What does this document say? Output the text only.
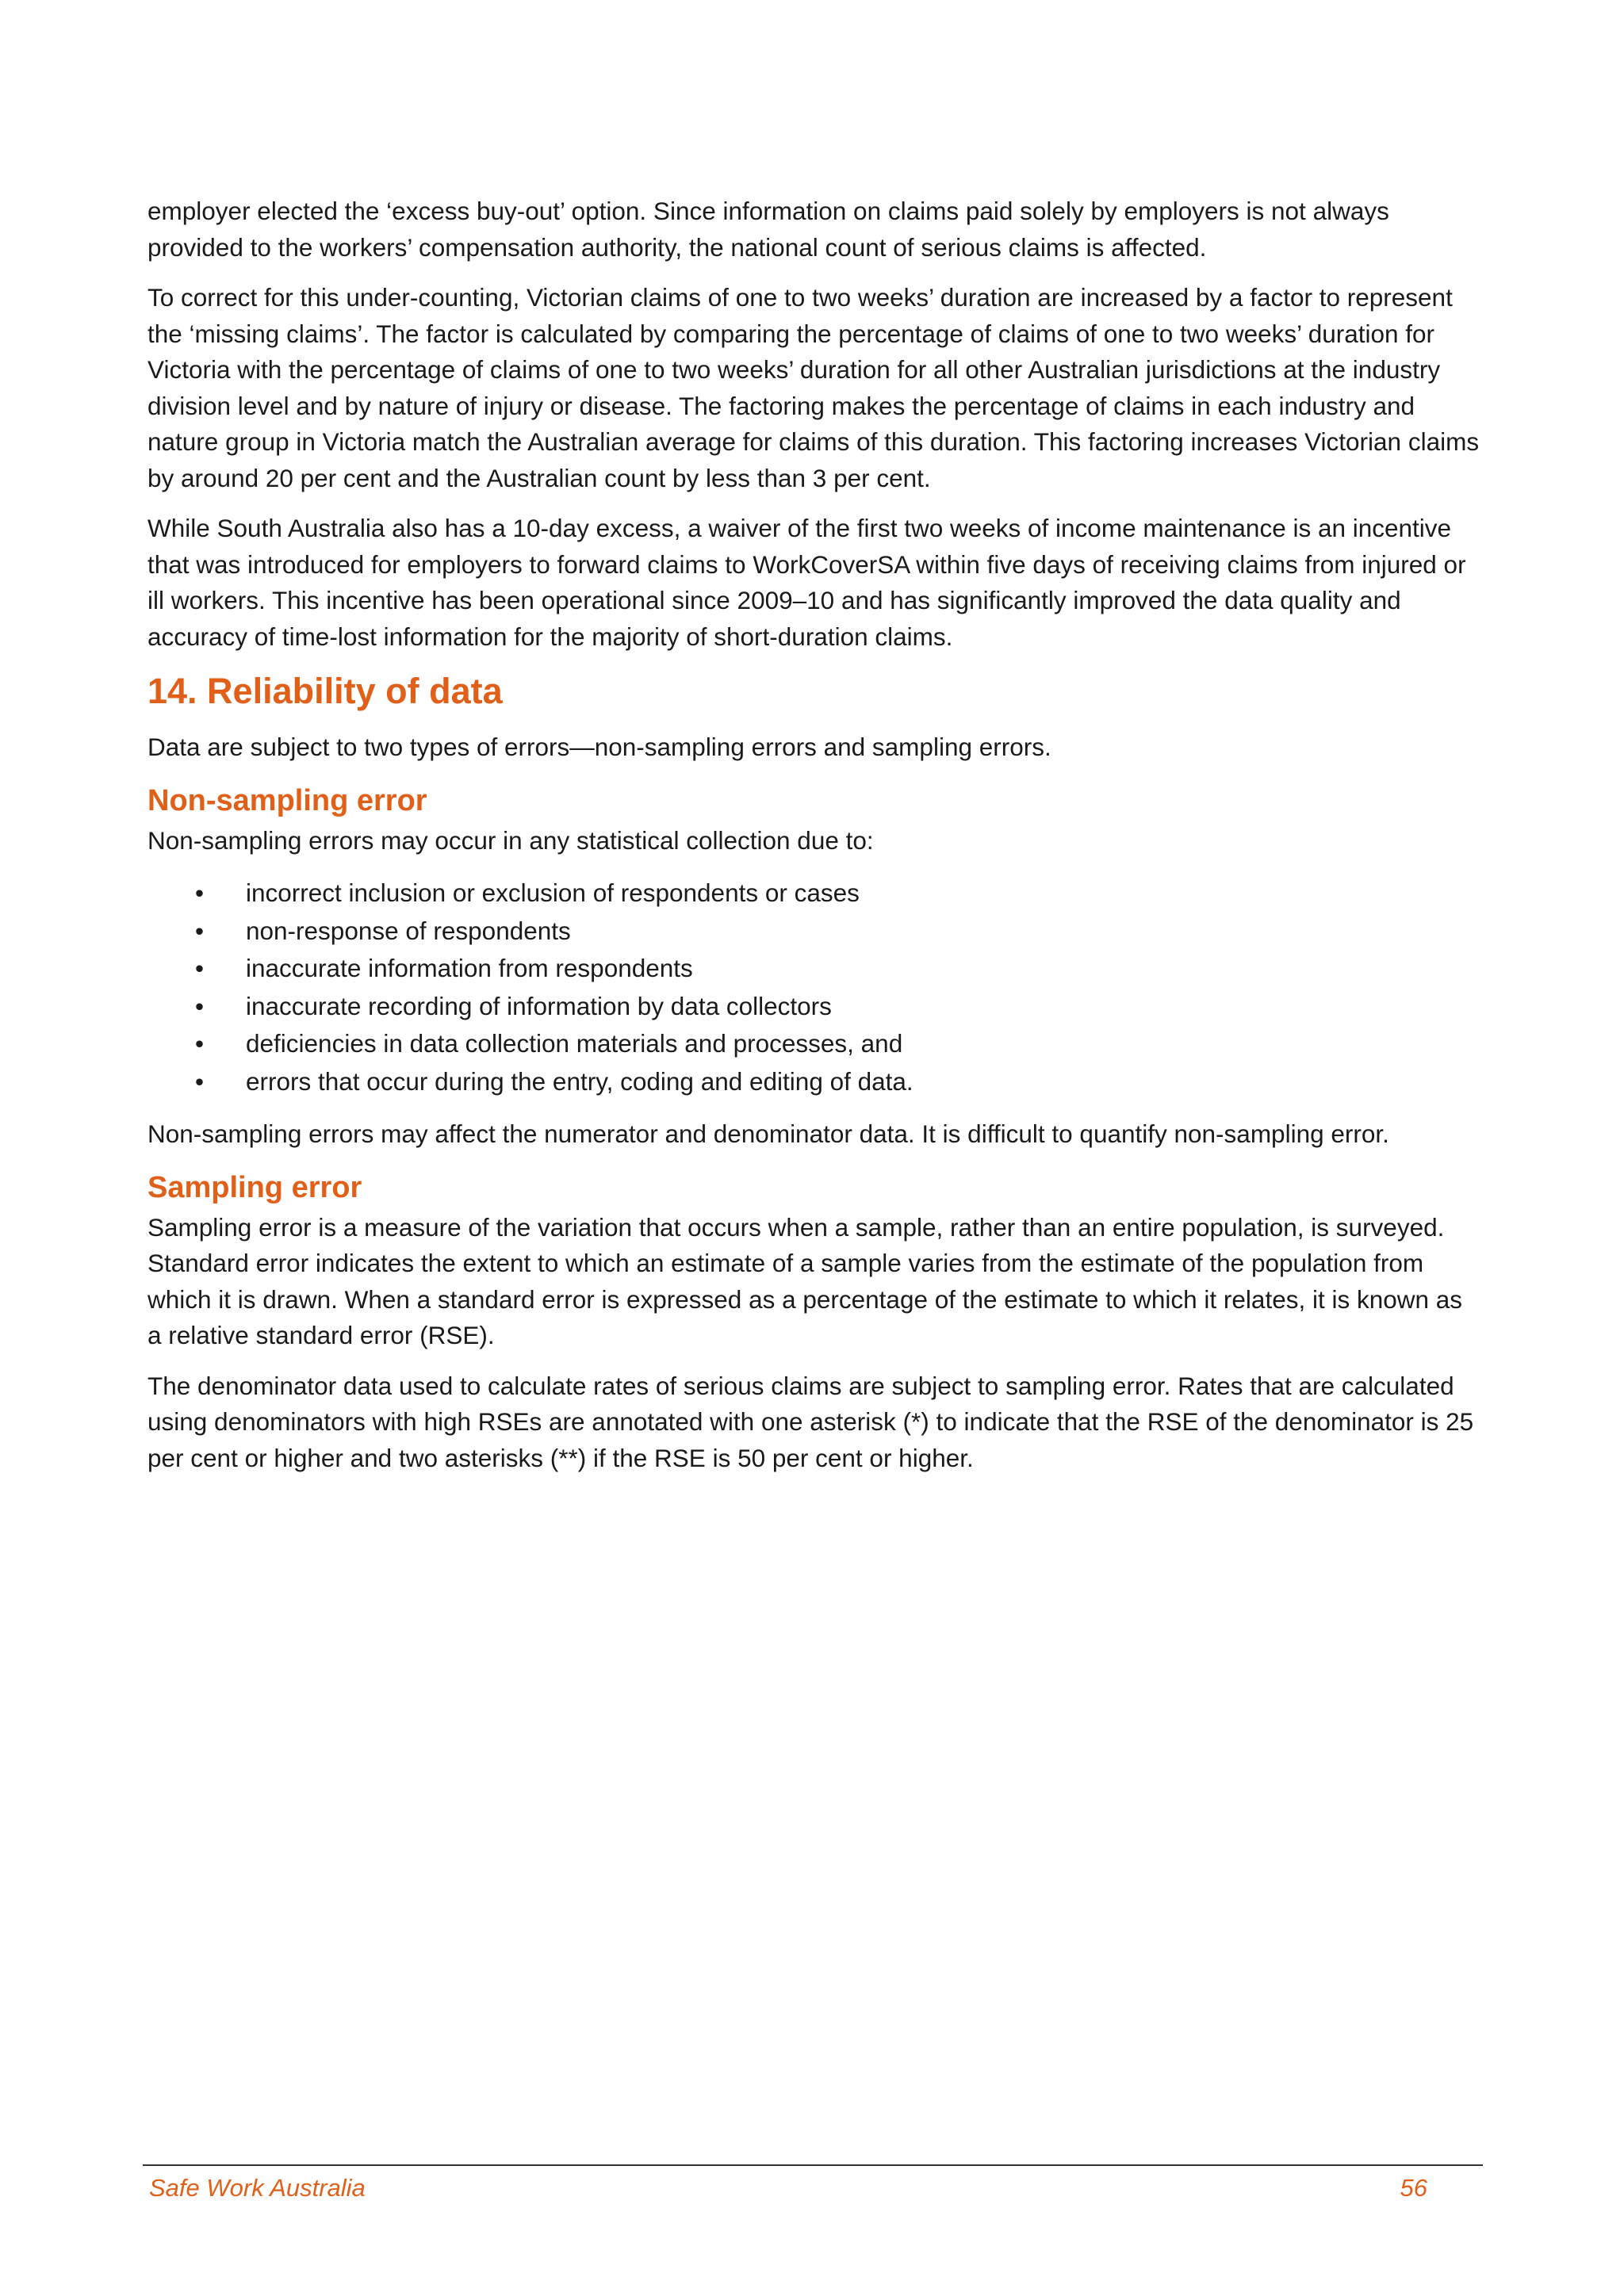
employer elected the ‘excess buy-out’ option. Since information on claims paid solely by employers is not always provided to the workers’ compensation authority, the national count of serious claims is affected.

To correct for this under-counting, Victorian claims of one to two weeks’ duration are increased by a factor to represent the ‘missing claims’. The factor is calculated by comparing the percentage of claims of one to two weeks’ duration for Victoria with the percentage of claims of one to two weeks’ duration for all other Australian jurisdictions at the industry division level and by nature of injury or disease. The factoring makes the percentage of claims in each industry and nature group in Victoria match the Australian average for claims of this duration. This factoring increases Victorian claims by around 20 per cent and the Australian count by less than 3 per cent.

While South Australia also has a 10-day excess, a waiver of the first two weeks of income maintenance is an incentive that was introduced for employers to forward claims to WorkCoverSA within five days of receiving claims from injured or ill workers. This incentive has been operational since 2009–10 and has significantly improved the data quality and accuracy of time-lost information for the majority of short-duration claims.

14. Reliability of data

Data are subject to two types of errors—non-sampling errors and sampling errors.

Non-sampling error

Non-sampling errors may occur in any statistical collection due to:

• incorrect inclusion or exclusion of respondents or cases
• non-response of respondents
• inaccurate information from respondents
• inaccurate recording of information by data collectors
• deficiencies in data collection materials and processes, and
• errors that occur during the entry, coding and editing of data.

Non-sampling errors may affect the numerator and denominator data. It is difficult to quantify non-sampling error.

Sampling error

Sampling error is a measure of the variation that occurs when a sample, rather than an entire population, is surveyed. Standard error indicates the extent to which an estimate of a sample varies from the estimate of the population from which it is drawn. When a standard error is expressed as a percentage of the estimate to which it relates, it is known as a relative standard error (RSE).

The denominator data used to calculate rates of serious claims are subject to sampling error. Rates that are calculated using denominators with high RSEs are annotated with one asterisk (*) to indicate that the RSE of the denominator is 25 per cent or higher and two asterisks (**) if the RSE is 50 per cent or higher.

Safe Work Australia	56
